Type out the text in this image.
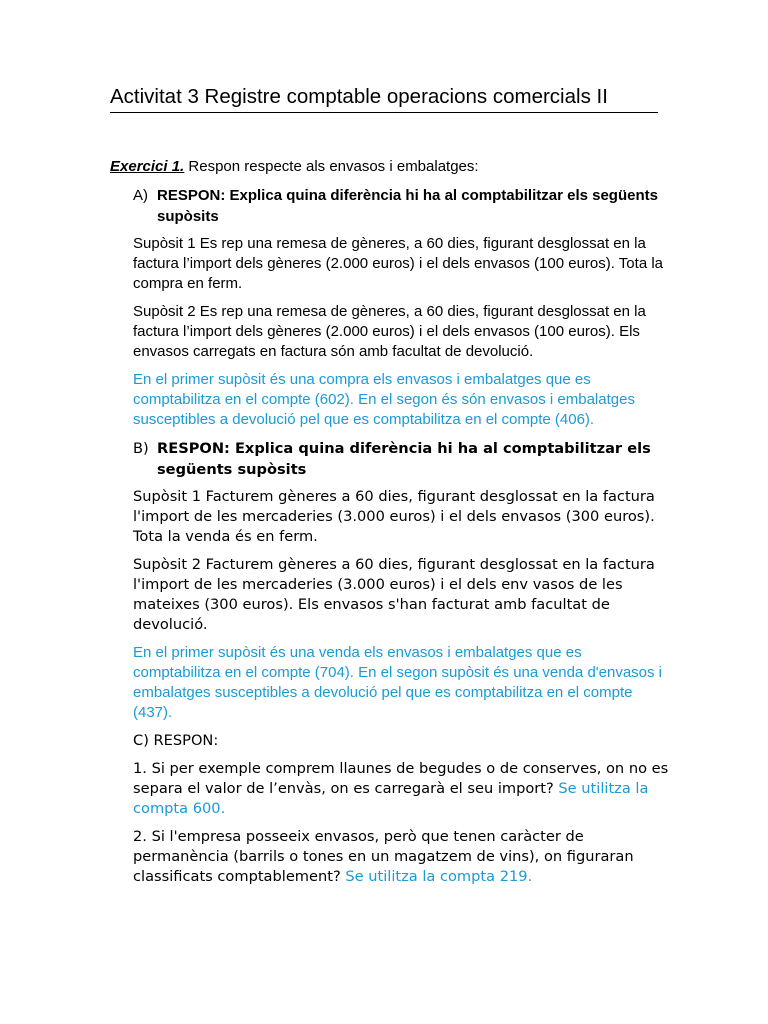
Activitat 3 Registre comptable operacions comercials II
Exercici 1. Respon respecte als envasos i embalatges:
A) RESPON: Explica quina diferència hi ha al comptabilitzar els següents supòsits

Supòsit 1 Es rep una remesa de gèneres, a 60 dies, figurant desglossat en la factura l’import dels gèneres (2.000 euros) i el dels envasos (100 euros). Tota la compra en ferm.

Supòsit 2 Es rep una remesa de gèneres, a 60 dies, figurant desglossat en la factura l’import dels gèneres (2.000 euros) i el dels envasos (100 euros). Els envasos carregats en factura són amb facultat de devolució.

En el primer supòsit és una compra els envasos i embalatges que es comptabilitza en el compte (602). En el segon és són envasos i embalatges susceptibles a devolució pel que es comptabilitza en el compte (406).

B) RESPON: Explica quina diferència hi ha al comptabilitzar els següents supòsits

Supòsit 1 Facturem gèneres a 60 dies, figurant desglossat en la factura l'import de les mercaderies (3.000 euros) i el dels envasos (300 euros). Tota la venda és en ferm.

Supòsit 2 Facturem gèneres a 60 dies, figurant desglossat en la factura l'import de les mercaderies (3.000 euros) i el dels env vasos de les mateixes (300 euros). Els envasos s'han facturat amb facultat de devolució.

En el primer supòsit és una venda els envasos i embalatges que es comptabilitza en el compte (704). En el segon supòsit és una venda d'envasos i embalatges susceptibles a devolució pel que es comptabilitza en el compte (437).

C) RESPON:

1. Si per exemple comprem llaunes de begudes o de conserves, on no es separa el valor de l’envàs, on es carregarà el seu import? Se utilitza la compta 600.

2. Si l'empresa posseeix envasos, però que tenen caràcter de permanència (barrils o tones en un magatzem de vins), on figuraran classificats comptablement? Se utilitza la compta 219.
